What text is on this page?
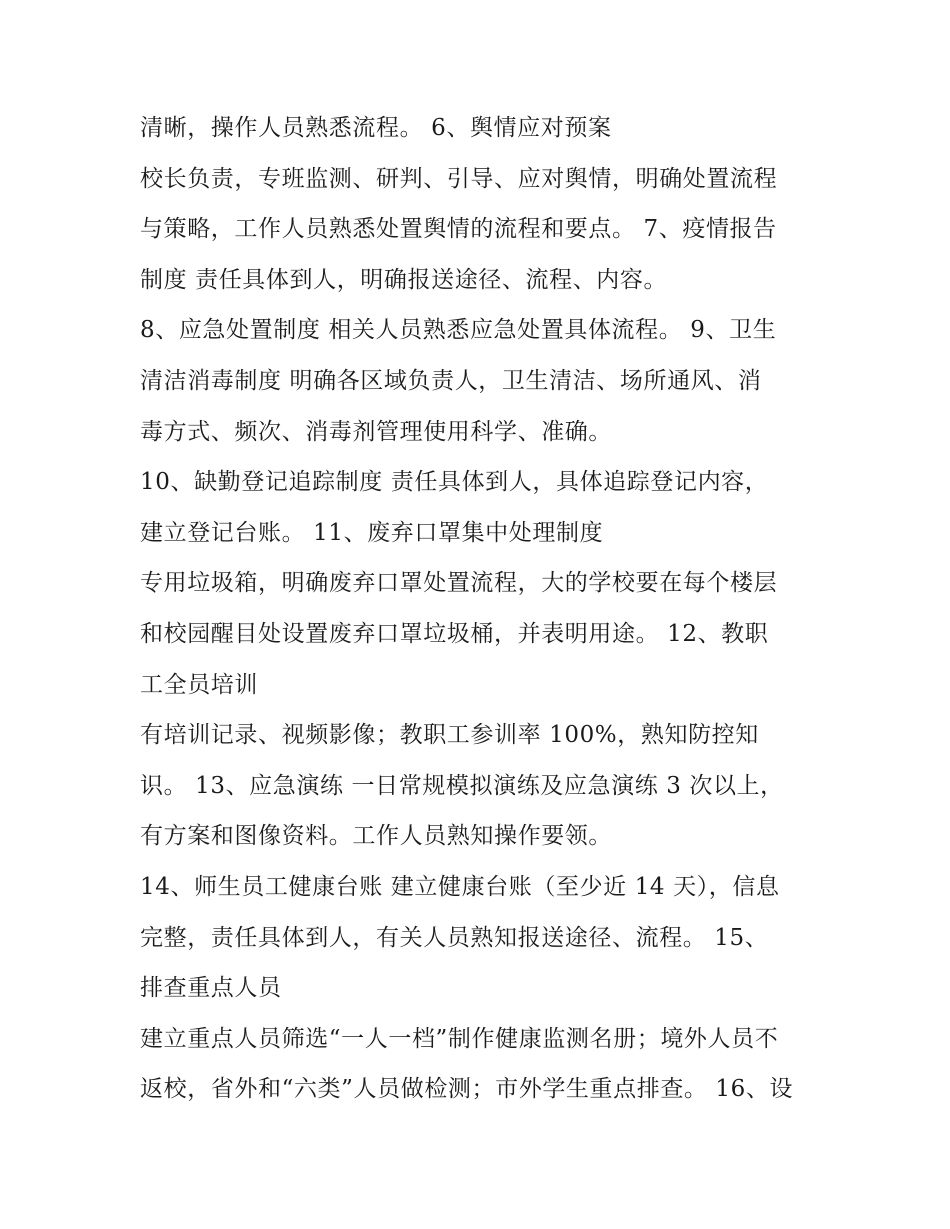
清晰，操作人员熟悉流程。 6、舆情应对预案
校长负责，专班监测、研判、引导、应对舆情，明确处置流程
与策略，工作人员熟悉处置舆情的流程和要点。 7、疫情报告
制度 责任具体到人，明确报送途径、流程、内容。
8、应急处置制度 相关人员熟悉应急处置具体流程。 9、卫生
清洁消毒制度 明确各区域负责人，卫生清洁、场所通风、消
毒方式、频次、消毒剂管理使用科学、准确。
10、缺勤登记追踪制度 责任具体到人，具体追踪登记内容，
建立登记台账。 11、废弃口罩集中处理制度
专用垃圾箱，明确废弃口罩处置流程，大的学校要在每个楼层
和校园醒目处设置废弃口罩垃圾桶，并表明用途。 12、教职
工全员培训
有培训记录、视频影像；教职工参训率 100%，熟知防控知
识。 13、应急演练 一日常规模拟演练及应急演练 3 次以上，
有方案和图像资料。工作人员熟知操作要领。
14、师生员工健康台账 建立健康台账（至少近 14 天），信息
完整，责任具体到人，有关人员熟知报送途径、流程。 15、
排查重点人员
建立重点人员筛选“一人一档”制作健康监测名册；境外人员不
返校，省外和“六类”人员做检测；市外学生重点排查。 16、设
